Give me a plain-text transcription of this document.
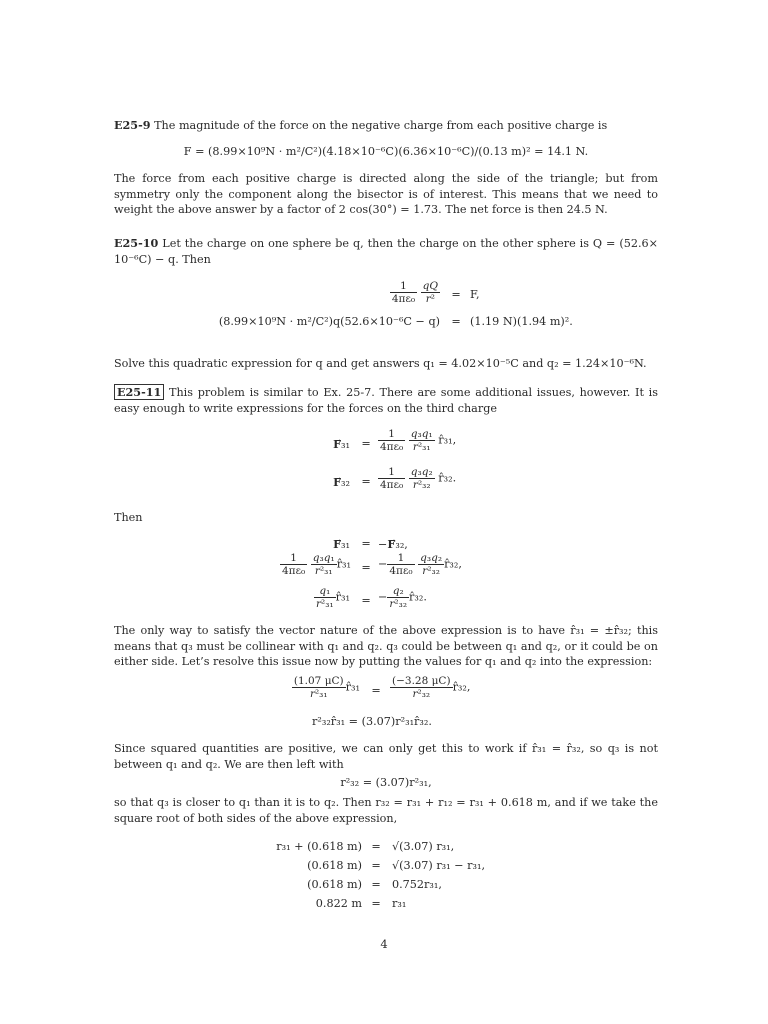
E25-9 The magnitude of the force on the negative charge from each positive charge is
F = (8.99×10⁹N · m²/C²)(4.18×10⁻⁶C)(6.36×10⁻⁶C)/(0.13 m)² = 14.1 N.
The force from each positive charge is directed along the side of the triangle; but from symmetry only the component along the bisector is of interest. This means that we need to weight the above answer by a factor of 2 cos(30°) = 1.73. The net force is then 24.5 N.
E25-10 Let the charge on one sphere be q, then the charge on the other sphere is Q = (52.6× 10⁻⁶C) − q. Then
$\frac{1}{\text{4πε₀}}$
$\frac{qQ}{\text{r²}}$	= F,
(8.99×10⁹N · m²/C²)q(52.6×10⁻⁶C − q)	= (1.19 N)(1.94 m)².
Solve this quadratic expression for q and get answers q₁ = 4.02×10⁻⁵C and q₂ = 1.24×10⁻⁶N.
E25-11 This problem is similar to Ex. 25-7. There are some additional issues, however. It is easy enough to write expressions for the forces on the third charge
F⃗₃₁	= $\frac{1}{\text{4πε₀}}$
$\frac{\text{q₃q₁}}{\text{r²₃₁}}$ r̂₃₁,
F⃗₃₂	= $\frac{1}{\text{4πε₀}}$
$\frac{\text{q₃q₂}}{\text{r²₃₂}}$ r̂₃₂.
Then
F⃗₃₁	= −F⃗₃₂,
$\frac{1}{\text{4πε₀}}$
$\frac{\text{q₃q₁}}{\text{r²₃₁}}$ r̂₃₁ = − $\frac{1}{\text{4πε₀}}$
$\frac{\text{q₃q₂}}{\text{r²₃₂}}$ r̂₃₂,
$\frac{\text{q₁}}{\text{r²₃₁}}$ r̂₃₁	= − $\frac{\text{q₂}}{\text{r²₃₂}}$ r̂₃₂.
The only way to satisfy the vector nature of the above expression is to have r̂₃₁ = ±r̂₃₂; this means that q₃ must be collinear with q₁ and q₂. q₃ could be between q₁ and q₂, or it could be on either side. Let’s resolve this issue now by putting the values for q₁ and q₂ into the expression:
$\frac{(1.07 \mu C)}{\text{r²₃₁}}$ r̂₃₁	= $\frac{(-3.28 \mu C)}{\text{r²₃₂}}$ r̂₃₂,
r²₃₂r̂₃₁ = (3.07)r²₃₁r̂₃₂.
Since squared quantities are positive, we can only get this to work if r̂₃₁ = r̂₃₂, so q₃ is not between q₁ and q₂. We are then left with
r²₃₂ = (3.07)r²₃₁,
so that q₃ is closer to q₁ than it is to q₂. Then r₃₂ = r₃₁ + r₁₂ = r₃₁ + 0.618 m, and if we take the square root of both sides of the above expression,
r₃₁ + (0.618 m) =	√(3.07) r₃₁,
(0.618 m) =	√(3.07) r₃₁ − r₃₁,
(0.618 m) =	0.752r₃₁,
0.822 m =	r₃₁
4
